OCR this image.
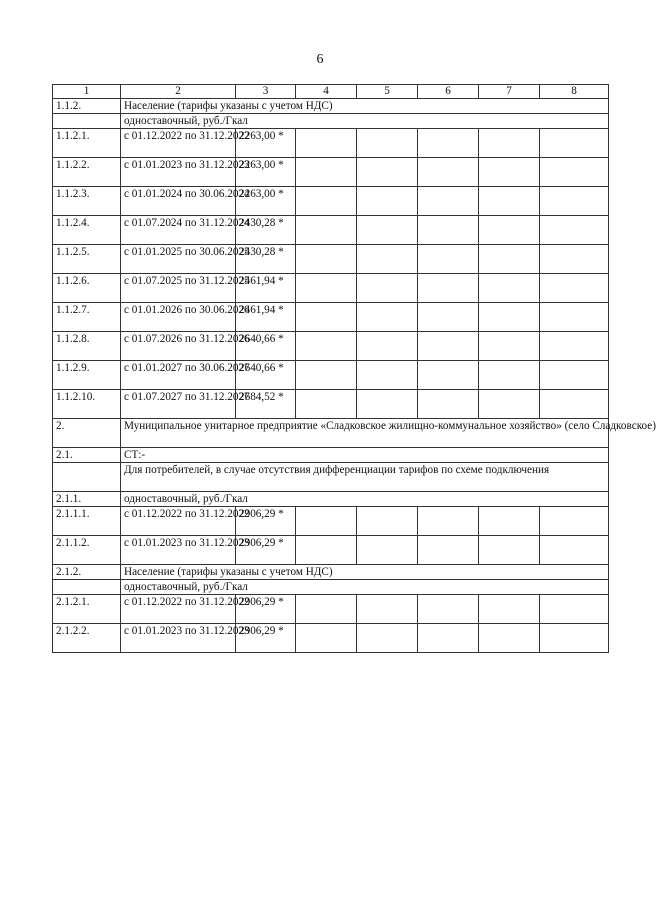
6
1	2	3	4	5	6	7	8
1.1.2.	Население (тарифы указаны с учетом НДС)						
	одноставочный, руб./Гкал						
1.1.2.1.	с 01.12.2022 по 31.12.2022	2263,00 *					
1.1.2.2.	с 01.01.2023 по 31.12.2023	2263,00 *					
1.1.2.3.	с 01.01.2024 по 30.06.2024	2263,00 *					
1.1.2.4.	с 01.07.2024 по 31.12.2024	2430,28 *					
1.1.2.5.	с 01.01.2025 по 30.06.2025	2430,28 *					
1.1.2.6.	с 01.07.2025 по 31.12.2025	2461,94 *					
1.1.2.7.	с 01.01.2026 по 30.06.2026	2461,94 *					
1.1.2.8.	с 01.07.2026 по 31.12.2026	2640,66 *					
1.1.2.9.	с 01.01.2027 по 30.06.2027	2640,66 *					
1.1.2.10.	с 01.07.2027 по 31.12.2027	2684,52 *					
2.	Муниципальное унитарное предприятие «Сладковское жилищно-коммунальное хозяйство» (село Сладковское)						
2.1.	СТ:-						
	Для потребителей, в случае отсутствия дифференциации тарифов по схеме подключения						
2.1.1.	одноставочный, руб./Гкал						
2.1.1.1.	с 01.12.2022 по 31.12.2022	2906,29 *					
2.1.1.2.	с 01.01.2023 по 31.12.2023	2906,29 *					
2.1.2.	Население (тарифы указаны с учетом НДС)						
	одноставочный, руб./Гкал						
2.1.2.1.	с 01.12.2022 по 31.12.2022	2906,29 *					
2.1.2.2.	с 01.01.2023 по 31.12.2023	2906,29 *					
